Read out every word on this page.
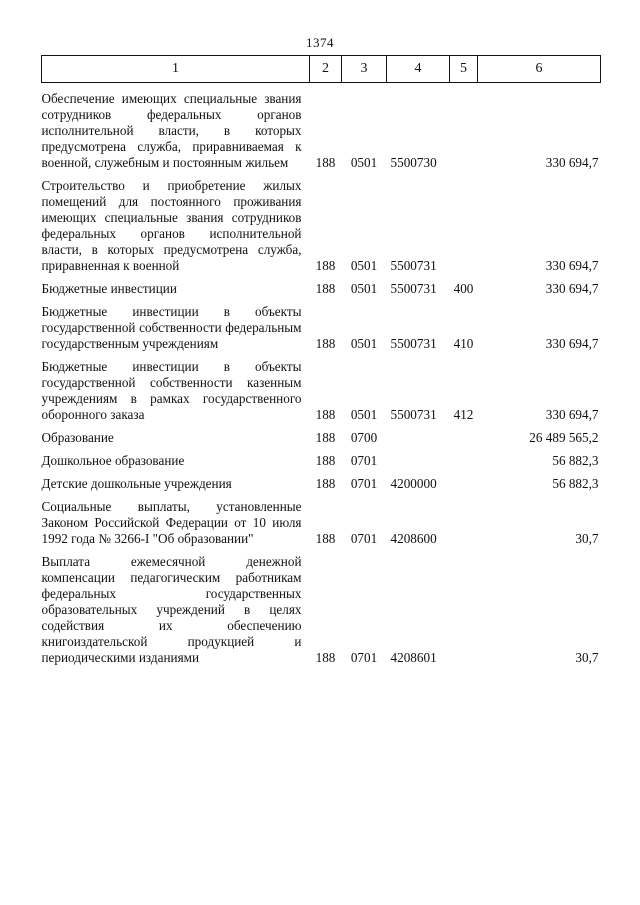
1374
1	2	3	4	5	6

Обеспечение имеющих специальные звания сотрудников федеральных органов исполнительной власти, в которых предусмотрена служба, приравниваемая к военной, служебным и постоянным жильем	188	0501	5500730		330 694,7

Строительство и приобретение жилых помещений для постоянного проживания имеющих специальные звания сотрудников федеральных органов исполнительной власти, в которых предусмотрена служба, приравненная к военной	188	0501	5500731		330 694,7

Бюджетные инвестиции	188	0501	5500731	400	330 694,7

Бюджетные инвестиции в объекты государственной собственности федеральным государственным учреждениям	188	0501	5500731	410	330 694,7

Бюджетные инвестиции в объекты государственной собственности казенным учреждениям в рамках государственного оборонного заказа	188	0501	5500731	412	330 694,7

Образование	188	0700			26 489 565,2

Дошкольное образование	188	0701			56 882,3

Детские дошкольные учреждения	188	0701	4200000		56 882,3

Социальные выплаты, установленные Законом Российской Федерации от 10 июля 1992 года № 3266-I "Об образовании"	188	0701	4208600		30,7

Выплата ежемесячной денежной компенсации педагогическим работникам федеральных государственных образовательных учреждений в целях содействия их обеспечению книгоиздательской продукцией и периодическими изданиями	188	0701	4208601		30,7
